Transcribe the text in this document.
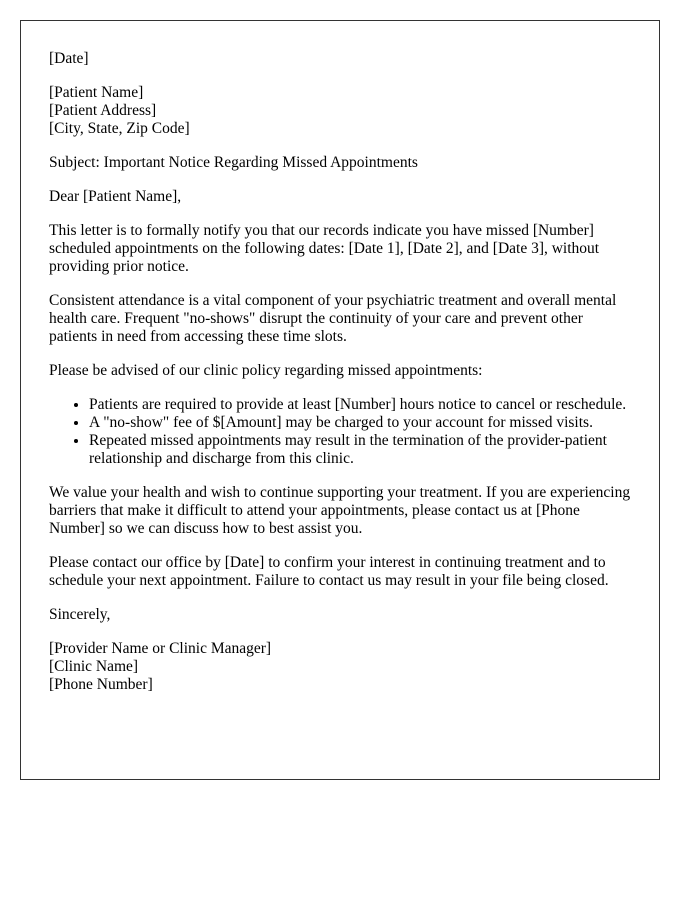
[Date]

[Patient Name]
[Patient Address]
[City, State, Zip Code]

Subject: Important Notice Regarding Missed Appointments

Dear [Patient Name],

This letter is to formally notify you that our records indicate you have missed [Number] scheduled appointments on the following dates: [Date 1], [Date 2], and [Date 3], without providing prior notice.

Consistent attendance is a vital component of your psychiatric treatment and overall mental health care. Frequent "no-shows" disrupt the continuity of your care and prevent other patients in need from accessing these time slots.

Please be advised of our clinic policy regarding missed appointments:

• Patients are required to provide at least [Number] hours notice to cancel or reschedule.
• A "no-show" fee of $[Amount] may be charged to your account for missed visits.
• Repeated missed appointments may result in the termination of the provider-patient relationship and discharge from this clinic.

We value your health and wish to continue supporting your treatment. If you are experiencing barriers that make it difficult to attend your appointments, please contact us at [Phone Number] so we can discuss how to best assist you.

Please contact our office by [Date] to confirm your interest in continuing treatment and to schedule your next appointment. Failure to contact us may result in your file being closed.

Sincerely,

[Provider Name or Clinic Manager]
[Clinic Name]
[Phone Number]
